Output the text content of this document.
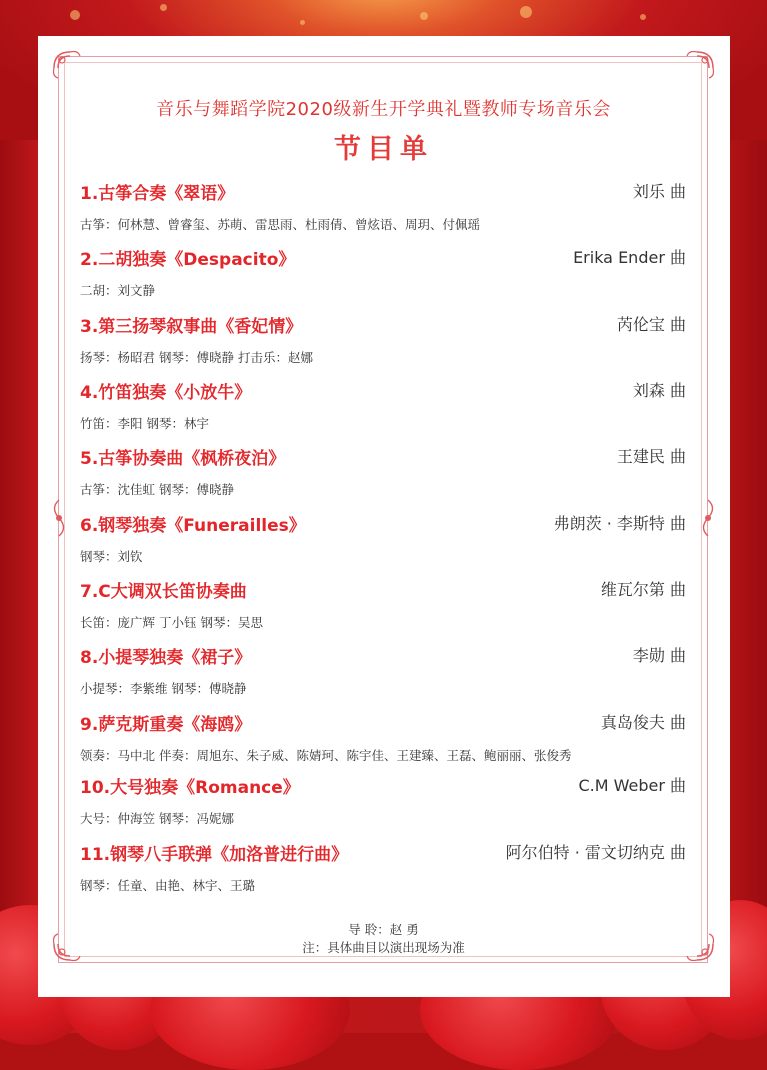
音乐与舞蹈学院2020级新生开学典礼暨教师专场音乐会
节目单
1.古筝合奏《翠语》	刘乐 曲
古筝：何林慧、曾睿玺、苏萌、雷思雨、杜雨倩、曾炫语、周玥、付佩瑶
2.二胡独奏《Despacito》	Erika Ender 曲
二胡：刘文静
3.第三扬琴叙事曲《香妃情》	芮伦宝 曲
扬琴：杨昭君 钢琴：傅晓静 打击乐：赵娜
4.竹笛独奏《小放牛》	刘森 曲
竹笛：李阳 钢琴：林宇
5.古筝协奏曲《枫桥夜泊》	王建民 曲
古筝：沈佳虹 钢琴：傅晓静
6.钢琴独奏《Funerailles》	弗朗茨 · 李斯特 曲
钢琴：刘钦
7.C大调双长笛协奏曲	维瓦尔第 曲
长笛：庞广辉 丁小钰 钢琴：吴思
8.小提琴独奏《裙子》	李勋 曲
小提琴：李紫维 钢琴：傅晓静
9.萨克斯重奏《海鸥》	真岛俊夫 曲
领奏：马中北 伴奏：周旭东、朱子威、陈婧珂、陈宇佳、王建臻、王磊、鲍丽丽、张俊秀
10.大号独奏《Romance》	C.M Weber 曲
大号：仲海笠 钢琴：冯妮娜
11.钢琴八手联弹《加洛普进行曲》	阿尔伯特 · 雷文切纳克 曲
钢琴：任童、由艳、林宇、王璐
导 聆：赵 勇
注：具体曲目以演出现场为准
